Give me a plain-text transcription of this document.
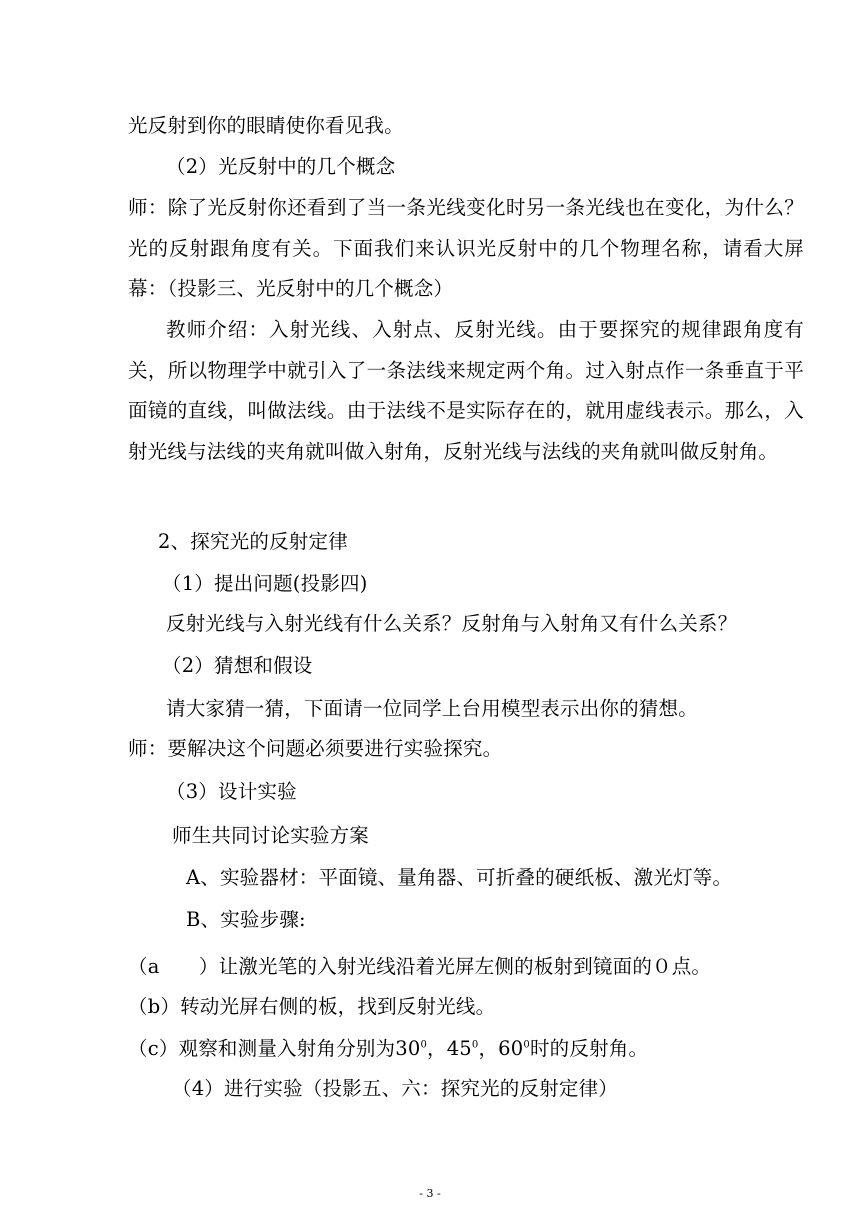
光反射到你的眼睛使你看见我。
（2）光反射中的几个概念
师：除了光反射你还看到了当一条光线变化时另一条光线也在变化，为什么？光的反射跟角度有关。下面我们来认识光反射中的几个物理名称，请看大屏幕：（投影三、光反射中的几个概念）
教师介绍：入射光线、入射点、反射光线。由于要探究的规律跟角度有关，所以物理学中就引入了一条法线来规定两个角。过入射点作一条垂直于平面镜的直线，叫做法线。由于法线不是实际存在的，就用虚线表示。那么，入射光线与法线的夹角就叫做入射角，反射光线与法线的夹角就叫做反射角。
2、探究光的反射定律
（1）提出问题(投影四)
反射光线与入射光线有什么关系？反射角与入射角又有什么关系？
（2）猜想和假设
请大家猜一猜，下面请一位同学上台用模型表示出你的猜想。
师：要解决这个问题必须要进行实验探究。
（3）设计实验
师生共同讨论实验方案
A、实验器材：平面镜、量角器、可折叠的硬纸板、激光灯等。
B、实验步骤:
（a　　）让激光笔的入射光线沿着光屏左侧的板射到镜面的０点。
（b）转动光屏右侧的板，找到反射光线。
（c）观察和测量入射角分别为$30^0$，$45^0$，$60^0$时的反射角。
（4）进行实验（投影五、六：探究光的反射定律）
- 3 -
